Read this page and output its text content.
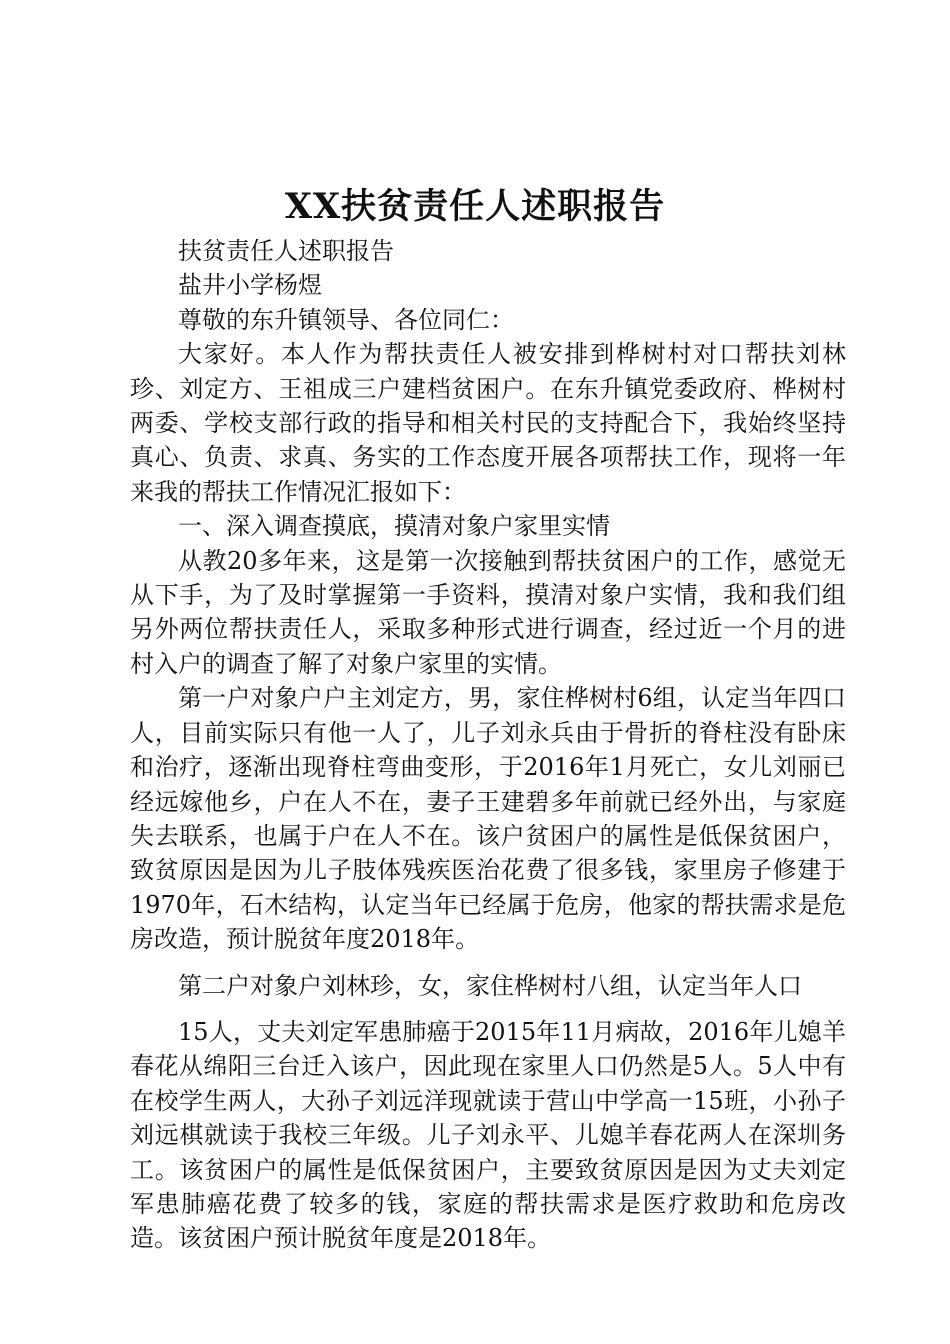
XX扶贫责任人述职报告

扶贫责任人述职报告

盐井小学杨煜

尊敬的东升镇领导、各位同仁：

大家好。本人作为帮扶责任人被安排到桦树村对口帮扶刘林珍、刘定方、王祖成三户建档贫困户。在东升镇党委政府、桦树村两委、学校支部行政的指导和相关村民的支持配合下，我始终坚持真心、负责、求真、务实的工作态度开展各项帮扶工作，现将一年来我的帮扶工作情况汇报如下：

一、深入调查摸底，摸清对象户家里实情

从教20多年来，这是第一次接触到帮扶贫困户的工作，感觉无从下手，为了及时掌握第一手资料，摸清对象户实情，我和我们组另外两位帮扶责任人，采取多种形式进行调查，经过近一个月的进村入户的调查了解了对象户家里的实情。

第一户对象户户主刘定方，男，家住桦树村6组，认定当年四口人，目前实际只有他一人了，儿子刘永兵由于骨折的脊柱没有卧床和治疗，逐渐出现脊柱弯曲变形，于2016年1月死亡，女儿刘丽已经远嫁他乡，户在人不在，妻子王建碧多年前就已经外出，与家庭失去联系，也属于户在人不在。该户贫困户的属性是低保贫困户，致贫原因是因为儿子肢体残疾医治花费了很多钱，家里房子修建于1970年，石木结构，认定当年已经属于危房，他家的帮扶需求是危房改造，预计脱贫年度2018年。

第二户对象户刘林珍，女，家住桦树村八组，认定当年人口

15人，丈夫刘定军患肺癌于2015年11月病故，2016年儿媳羊春花从绵阳三台迁入该户，因此现在家里人口仍然是5人。5人中有在校学生两人，大孙子刘远洋现就读于营山中学高一15班，小孙子刘远棋就读于我校三年级。儿子刘永平、儿媳羊春花两人在深圳务工。该贫困户的属性是低保贫困户，主要致贫原因是因为丈夫刘定军患肺癌花费了较多的钱，家庭的帮扶需求是医疗救助和危房改造。该贫困户预计脱贫年度是2018年。
